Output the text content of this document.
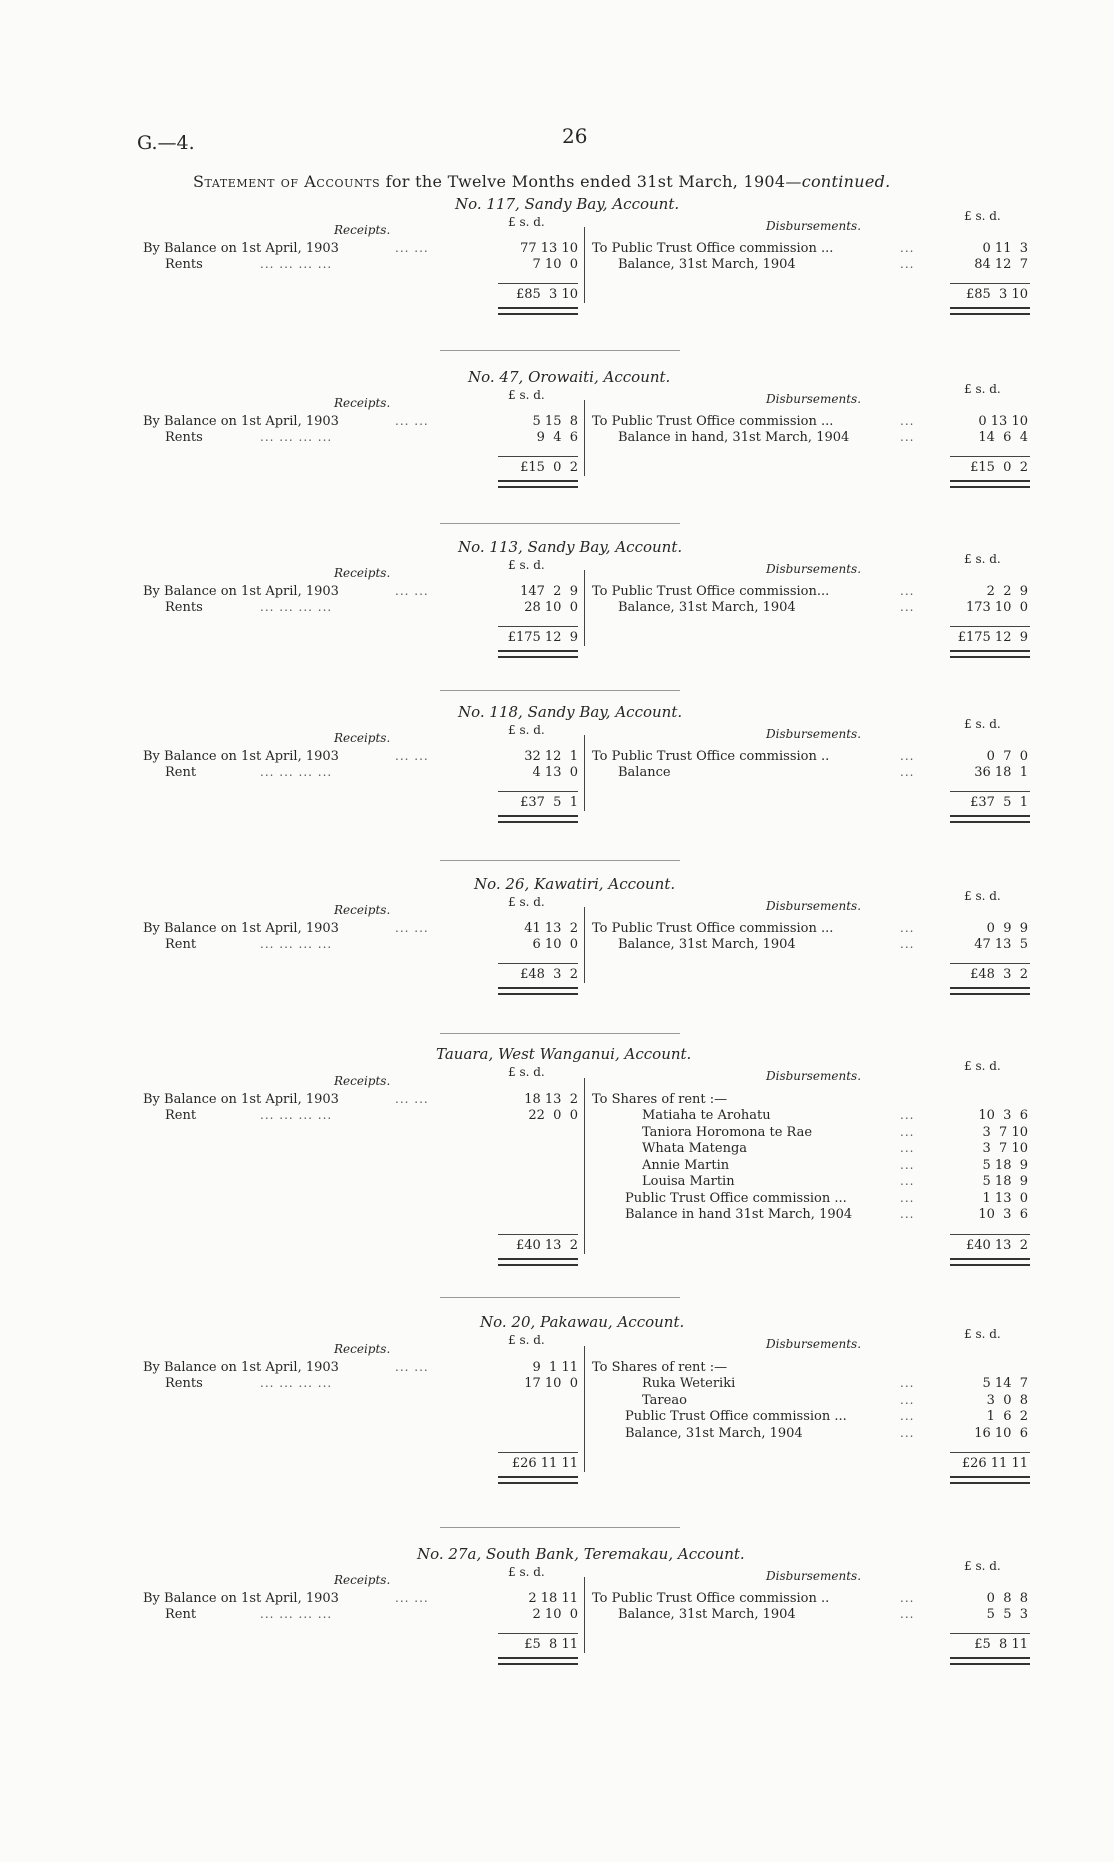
G.—4.	26
Statement of Accounts for the Twelve Months ended 31st March, 1904—continued.
No. 117, Sandy Bay, Account.
Receipts.
£ s. d.	Disbursements.
£ s. d.
By Balance on 1st April, 1903	... ...	77 13 10
Rents	... ... ... ...	7 10  0
To Public Trust Office commission ...	...	0 11  3
Balance, 31st March, 1904	...	84 12  7
£85  3 10	£85  3 10
No. 47, Orowaiti, Account.
Receipts.
£ s. d.	Disbursements.
£ s. d.
By Balance on 1st April, 1903	... ...	5 15  8
Rents	... ... ... ...	9  4  6
To Public Trust Office commission ...	...	0 13 10
Balance in hand, 31st March, 1904	...	14  6  4
£15  0  2	£15  0  2
No. 113, Sandy Bay, Account.
Receipts.
£ s. d.	Disbursements.
£ s. d.
By Balance on 1st April, 1903	... ...	147  2  9
Rents	... ... ... ...	28 10  0
To Public Trust Office commission...	...	2  2  9
Balance, 31st March, 1904	...	173 10  0
£175 12  9	£175 12  9
No. 118, Sandy Bay, Account.
Receipts.
£ s. d.	Disbursements.
£ s. d.
By Balance on 1st April, 1903	... ...	32 12  1
Rent	... ... ... ...	4 13  0
To Public Trust Office commission ..	...	0  7  0
Balance	...	36 18  1
£37  5  1	£37  5  1
No. 26, Kawatiri, Account.
Receipts.
£ s. d.	Disbursements.
£ s. d.
By Balance on 1st April, 1903	... ...	41 13  2
Rent	... ... ... ...	6 10  0
To Public Trust Office commission ...	...	0  9  9
Balance, 31st March, 1904	...	47 13  5
£48  3  2	£48  3  2
Tauara, West Wanganui, Account.
Receipts.
£ s. d.	Disbursements.
£ s. d.
By Balance on 1st April, 1903	... ...	18 13  2
Rent	... ... ... ...	22  0  0
To Shares of rent :—
Matiaha te Arohatu	...	10  3  6
Taniora Horomona te Rae	...	3  7 10
Whata Matenga	...	3  7 10
Annie Martin	...	5 18  9
Louisa Martin	...	5 18  9
Public Trust Office commission ...	...	1 13  0
Balance in hand 31st March, 1904	...	10  3  6
£40 13  2	£40 13  2
No. 20, Pakawau, Account.
Receipts.
£ s. d.	Disbursements.
£ s. d.
By Balance on 1st April, 1903	... ...	9  1 11
Rents	... ... ... ...	17 10  0
To Shares of rent :—
Ruka Weteriki	...	5 14  7
Tareao	...	3  0  8
Public Trust Office commission ...	...	1  6  2
Balance, 31st March, 1904	...	16 10  6
£26 11 11	£26 11 11
No. 27a, South Bank, Teremakau, Account.
Receipts.
£ s. d.	Disbursements.
£ s. d.
By Balance on 1st April, 1903	... ...	2 18 11
Rent	... ... ... ...	2 10  0
To Public Trust Office commission ..	...	0  8  8
Balance, 31st March, 1904	...	5  5  3
£5  8 11	£5  8 11
